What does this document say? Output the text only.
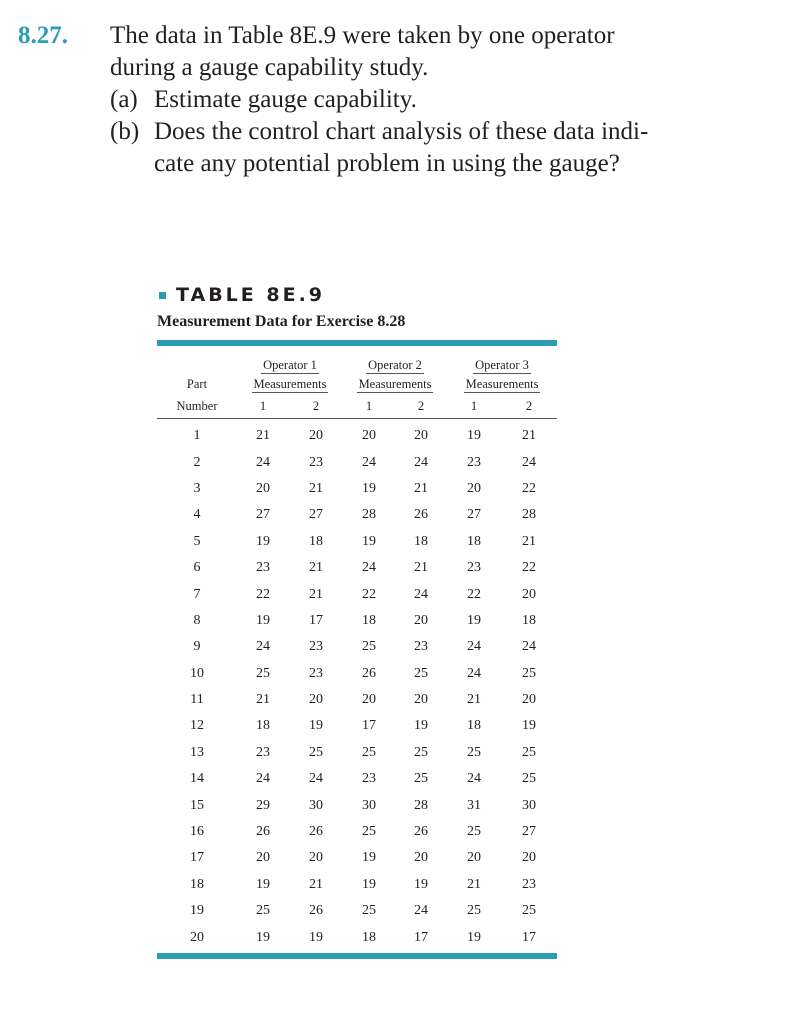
8.27.	The data in Table 8E.9 were taken by one operator
during a gauge capability study.
(a) Estimate gauge capability.
(b) Does the control chart analysis of these data indi-
cate any potential problem in using the gauge?
TABLE 8E.9
Measurement Data for Exercise 8.28
	Operator 1		Operator 2		Operator 3	
Part	Measurements		Measurements		Measurements	
Number	1	2	1	2	1	2
1	21	20	20	20	19	21
2	24	23	24	24	23	24
3	20	21	19	21	20	22
4	27	27	28	26	27	28
5	19	18	19	18	18	21
6	23	21	24	21	23	22
7	22	21	22	24	22	20
8	19	17	18	20	19	18
9	24	23	25	23	24	24
10	25	23	26	25	24	25
11	21	20	20	20	21	20
12	18	19	17	19	18	19
13	23	25	25	25	25	25
14	24	24	23	25	24	25
15	29	30	30	28	31	30
16	26	26	25	26	25	27
17	20	20	19	20	20	20
18	19	21	19	19	21	23
19	25	26	25	24	25	25
20	19	19	18	17	19	17
